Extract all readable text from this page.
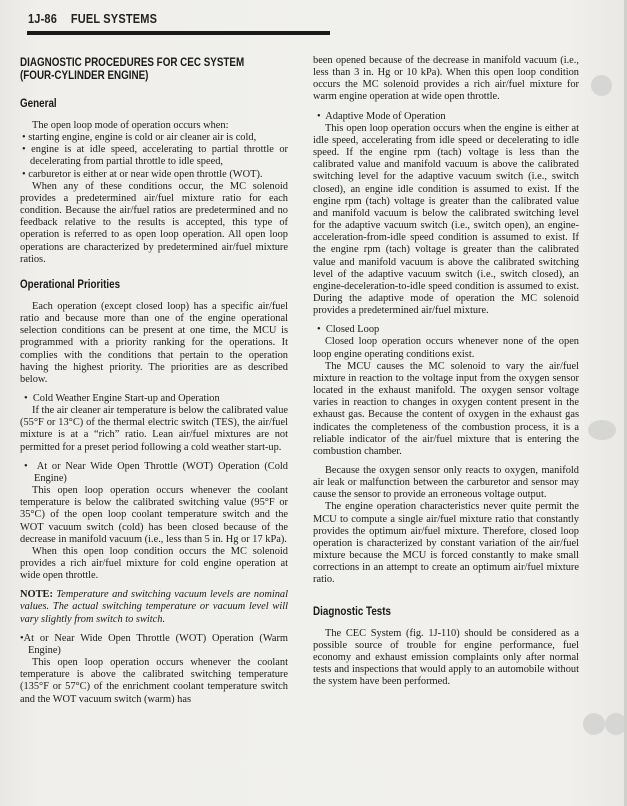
1J-86 FUEL SYSTEMS
DIAGNOSTIC PROCEDURES FOR CEC SYSTEM
(FOUR-CYLINDER ENGINE)
General

The open loop mode of operation occurs when:

• starting engine, engine is cold or air cleaner air is cold,

• engine is at idle speed, accelerating to partial throttle or decelerating from partial throttle to idle speed,

• carburetor is either at or near wide open throttle (WOT).

When any of these conditions occur, the MC solenoid provides a predetermined air/fuel mixture ratio for each condition. Because the air/fuel ratios are predetermined and no feedback relative to the results is accepted, this type of operation is referred to as open loop operation. All open loop operations are characterized by predetermined air/fuel mixture ratios.

Operational Priorities

Each operation (except closed loop) has a specific air/fuel ratio and because more than one of the engine operational selection conditions can be present at one time, the MCU is programmed with a priority ranking for the operations. It complies with the conditions that pertain to the operation having the highest priority. The priorities are as described below.

• Cold Weather Engine Start-up and Operation

If the air cleaner air temperature is below the calibrated value (55°F or 13°C) of the thermal electric switch (TES), the air/fuel mixture is at a “rich” ratio. Lean air/fuel mixtures are not permitted for a preset period following a cold weather start-up.

• At or Near Wide Open Throttle (WOT) Operation (Cold Engine)

This open loop operation occurs whenever the coolant temperature is below the calibrated switching value (95°F or 35°C) of the open loop coolant temperature switch and the WOT vacuum switch (cold) has been closed because of the decrease in manifold vacuum (i.e., less than 5 in. Hg or 17 kPa).

When this open loop condition occurs the MC solenoid provides a rich air/fuel mixture for cold engine operation at wide open throttle.

NOTE: Temperature and switching vacuum levels are nominal values. The actual switching temperature or vacuum level will vary slightly from switch to switch.

•At or Near Wide Open Throttle (WOT) Operation (Warm Engine)

This open loop operation occurs whenever the coolant temperature is above the calibrated switching temperature (135°F or 57°C) of the enrichment coolant temperature switch and the WOT vacuum switch (warm) has

been opened because of the decrease in manifold vacuum (i.e., less than 3 in. Hg or 10 kPa). When this open loop condition occurs the MC solenoid provides a rich air/fuel mixture for warm engine operation at wide open throttle.

• Adaptive Mode of Operation

This open loop operation occurs when the engine is either at idle speed, accelerating from idle speed or decelerating to idle speed. If the engine rpm (tach) voltage is less than the calibrated value and manifold vacuum is above the calibrated switching level for the adaptive vacuum switch (i.e., switch closed), an engine idle condition is assumed to exist. If the engine rpm (tach) voltage is greater than the calibrated value and manifold vacuum is below the calibrated switching level for the adaptive vacuum switch (i.e., switch open), an engine-acceleration-from-idle speed condition is assumed to exist. If the engine rpm (tach) voltage is greater than the calibrated value and manifold vacuum is above the calibrated switching level of the adaptive vacuum switch (i.e., switch closed), an engine-deceleration-to-idle speed condition is assumed to exist. During the adaptive mode of operation the MC solenoid provides a predetermined air/fuel mixture.

• Closed Loop

Closed loop operation occurs whenever none of the open loop engine operating conditions exist.

The MCU causes the MC solenoid to vary the air/fuel mixture in reaction to the voltage input from the oxygen sensor located in the exhaust manifold. The oxygen sensor voltage varies in reaction to changes in oxygen content present in the exhaust gas. Because the content of oxygen in the exhaust gas indicates the completeness of the combustion process, it is a reliable indicator of the air/fuel mixture that is entering the combustion chamber.

Because the oxygen sensor only reacts to oxygen, manifold air leak or malfunction between the carburetor and sensor may cause the sensor to provide an erroneous voltage output.

The engine operation characteristics never quite permit the MCU to compute a single air/fuel mixture ratio that constantly provides the optimum air/fuel mixture. Therefore, closed loop operation is characterized by constant variation of the air/fuel mixture because the MCU is forced constantly to make small corrections in an attempt to create an optimum air/fuel mixture ratio.

Diagnostic Tests

The CEC System (fig. 1J-110) should be considered as a possible source of trouble for engine performance, fuel economy and exhaust emission complaints only after normal tests and inspections that would apply to an automobile without the system have been performed.
